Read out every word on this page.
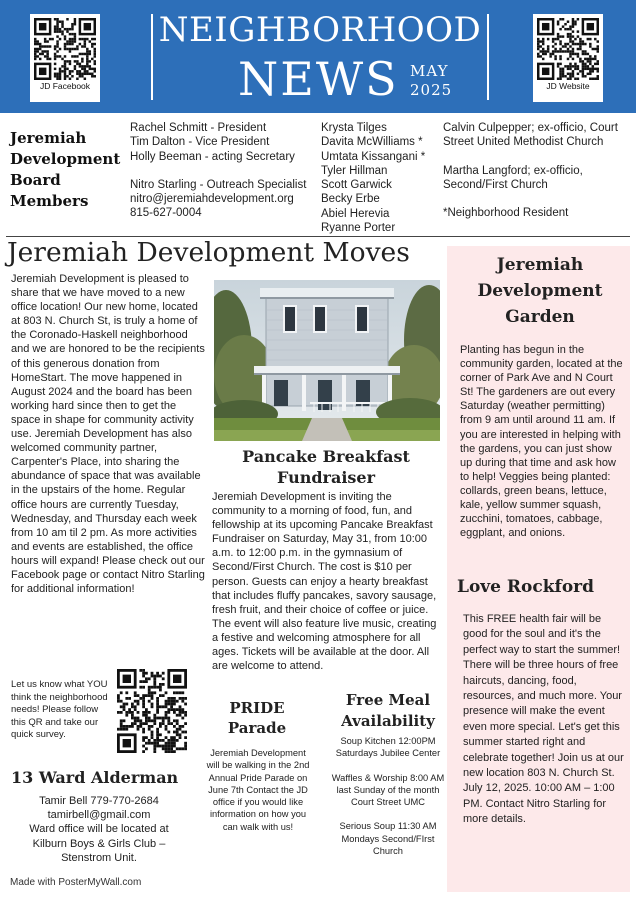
JD Facebook
NEIGHBORHOOD
NEWS MAY
2025	JD Website
Jeremiah
Development
Board
Members
Rachel Schmitt - President
Tim Dalton - Vice President
Holly Beeman - acting Secretary
Nitro Starling - Outreach Specialist
nitro@jeremiahdevelopment.org
815-627-0004
Krysta Tilges
Davita McWilliams *
Umtata Kissangani *
Tyler Hillman
Scott Garwick
Becky Erbe
Abiel Herevia
Ryanne Porter
Calvin Culpepper; ex-officio, Court Street United Methodist Church
Martha Langford; ex-officio, Second/First Church
*Neighborhood Resident
Jeremiah Development Moves
Jeremiah Development is pleased to share that we have moved to a new office location! Our new home, located at 803 N. Church St, is truly a home of the Coronado-Haskell neighborhood and we are honored to be the recipients of this generous donation from HomeStart. The move happened in August 2024 and the board has been working hard since then to get the space in shape for community activity use. Jeremiah Development has also welcomed community partner, Carpenter's Place, into sharing the abundance of space that was available in the upstairs of the home. Regular office hours are currently Tuesday, Wednesday, and Thursday each week from 10 am til 2 pm. As more activities and events are established, the office hours will expand! Please check out our Facebook page or contact Nitro Starling for additional information!
Let us know what YOU think the neighborhood needs! Please follow this QR and take our quick survey.
13 Ward Alderman
Tamir Bell 779-770-2684
tamirbell@gmail.com
Ward office will be located at Kilburn Boys & Girls Club – Stenstrom Unit.
Made with PosterMyWall.com
Pancake Breakfast Fundraiser
Jeremiah Development is inviting the community to a morning of food, fun, and fellowship at its upcoming Pancake Breakfast Fundraiser on Saturday, May 31, from 10:00 a.m. to 12:00 p.m. in the gymnasium of Second/First Church. The cost is $10 per person. Guests can enjoy a hearty breakfast that includes fluffy pancakes, savory sausage, fresh fruit, and their choice of coffee or juice. The event will also feature live music, creating a festive and welcoming atmosphere for all ages. Tickets will be available at the door. All are welcome to attend.
PRIDE Parade
Jeremiah Development will be walking in the 2nd Annual Pride Parade on June 7th Contact the JD office if you would like information on how you can walk with us!
Free Meal Availability
Soup Kitchen 12:00PM Saturdays Jubilee Center
Waffles & Worship 8:00 AM last Sunday of the month Court Street UMC
Serious Soup 11:30 AM Mondays Second/FIrst Church
Jeremiah Development Garden
Planting has begun in the community garden, located at the corner of Park Ave and N Court St! The gardeners are out every Saturday (weather permitting) from 9 am until around 11 am. If you are interested in helping with the gardens, you can just show up during that time and ask how to help! Veggies being planted: collards, green beans, lettuce, kale, yellow summer squash, zucchini, tomatoes, cabbage, eggplant, and onions.
Love Rockford
This FREE health fair will be good for the soul and it's the perfect way to start the summer! There will be three hours of free haircuts, dancing, food, resources, and much more. Your presence will make the event even more special. Let's get this summer started right and celebrate together! Join us at our new location 803 N. Church St. July 12, 2025. 10:00 AM – 1:00 PM. Contact Nitro Starling for more details.
